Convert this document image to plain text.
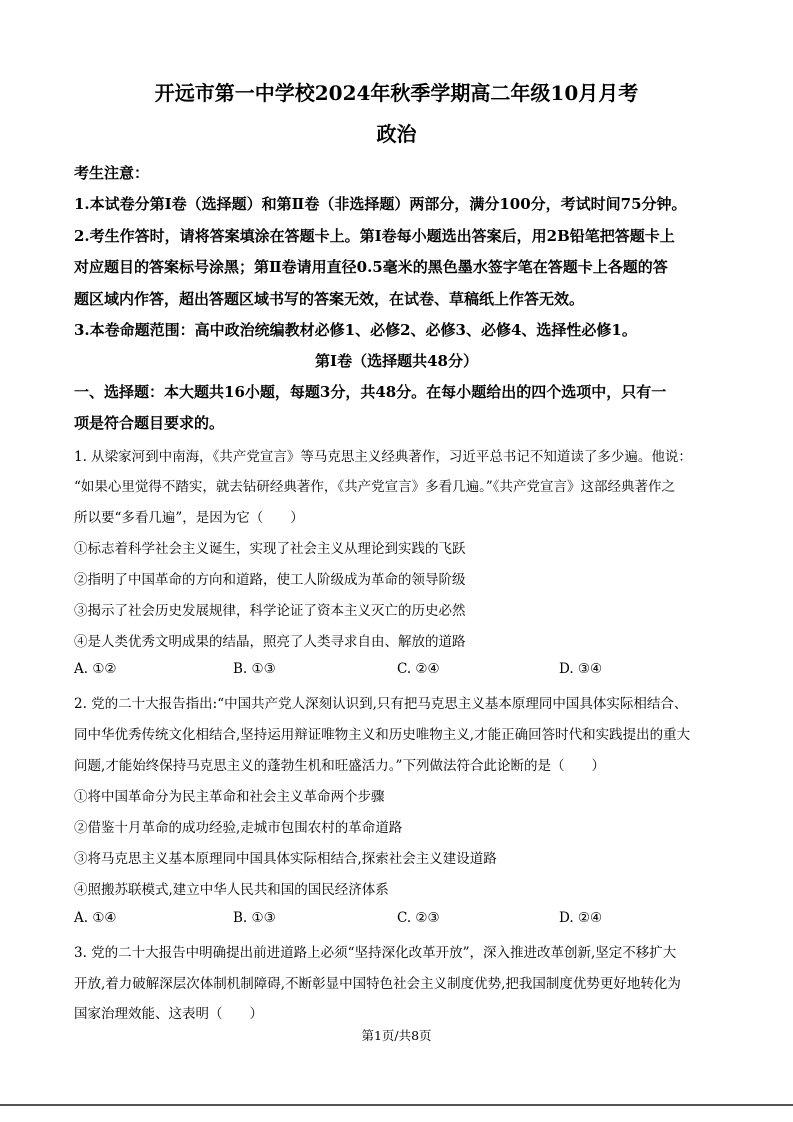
开远市第一中学校2024年秋季学期高二年级10月月考
政治
考生注意：
1.本试卷分第Ⅰ卷（选择题）和第Ⅱ卷（非选择题）两部分，满分100分，考试时间75分钟。
2.考生作答时，请将答案填涂在答题卡上。第Ⅰ卷每小题选出答案后，用2B铅笔把答题卡上
对应题目的答案标号涂黑；第Ⅱ卷请用直径0.5毫米的黑色墨水签字笔在答题卡上各题的答
题区域内作答，超出答题区域书写的答案无效，在试卷、草稿纸上作答无效。
3.本卷命题范围：高中政治统编教材必修1、必修2、必修3、必修4、选择性必修1。
第Ⅰ卷（选择题共48分）
一、选择题：本大题共16小题，每题3分，共48分。在每小题给出的四个选项中，只有一
项是符合题目要求的。
1. 从梁家河到中南海，《共产党宣言》等马克思主义经典著作，习近平总书记不知道读了多少遍。他说：
“如果心里觉得不踏实，就去钻研经典著作，《共产党宣言》多看几遍。”《共产党宣言》这部经典著作之
所以要“多看几遍”，是因为它（　　）
①标志着科学社会主义诞生，实现了社会主义从理论到实践的飞跃
②指明了中国革命的方向和道路，使工人阶级成为革命的领导阶级
③揭示了社会历史发展规律，科学论证了资本主义灭亡的历史必然
④是人类优秀文明成果的结晶，照亮了人类寻求自由、解放的道路
A. ①②	B. ①③	C. ②④	D. ③④
2. 党的二十大报告指出:“中国共产党人深刻认识到,只有把马克思主义基本原理同中国具体实际相结合、
同中华优秀传统文化相结合,坚持运用辩证唯物主义和历史唯物主义,才能正确回答时代和实践提出的重大
问题,才能始终保持马克思主义的蓬勃生机和旺盛活力。”下列做法符合此论断的是（　　）
①将中国革命分为民主革命和社会主义革命两个步骤
②借鉴十月革命的成功经验,走城市包围农村的革命道路
③将马克思主义基本原理同中国具体实际相结合,探索社会主义建设道路
④照搬苏联模式,建立中华人民共和国的国民经济体系
A. ①④	B. ①③	C. ②③	D. ②④
3. 党的二十大报告中明确提出前进道路上必须“坚持深化改革开放”，深入推进改革创新,坚定不移扩大
开放,着力破解深层次体制机制障碍,不断彰显中国特色社会主义制度优势,把我国制度优势更好地转化为
国家治理效能、这表明（　　）
第1页/共8页
